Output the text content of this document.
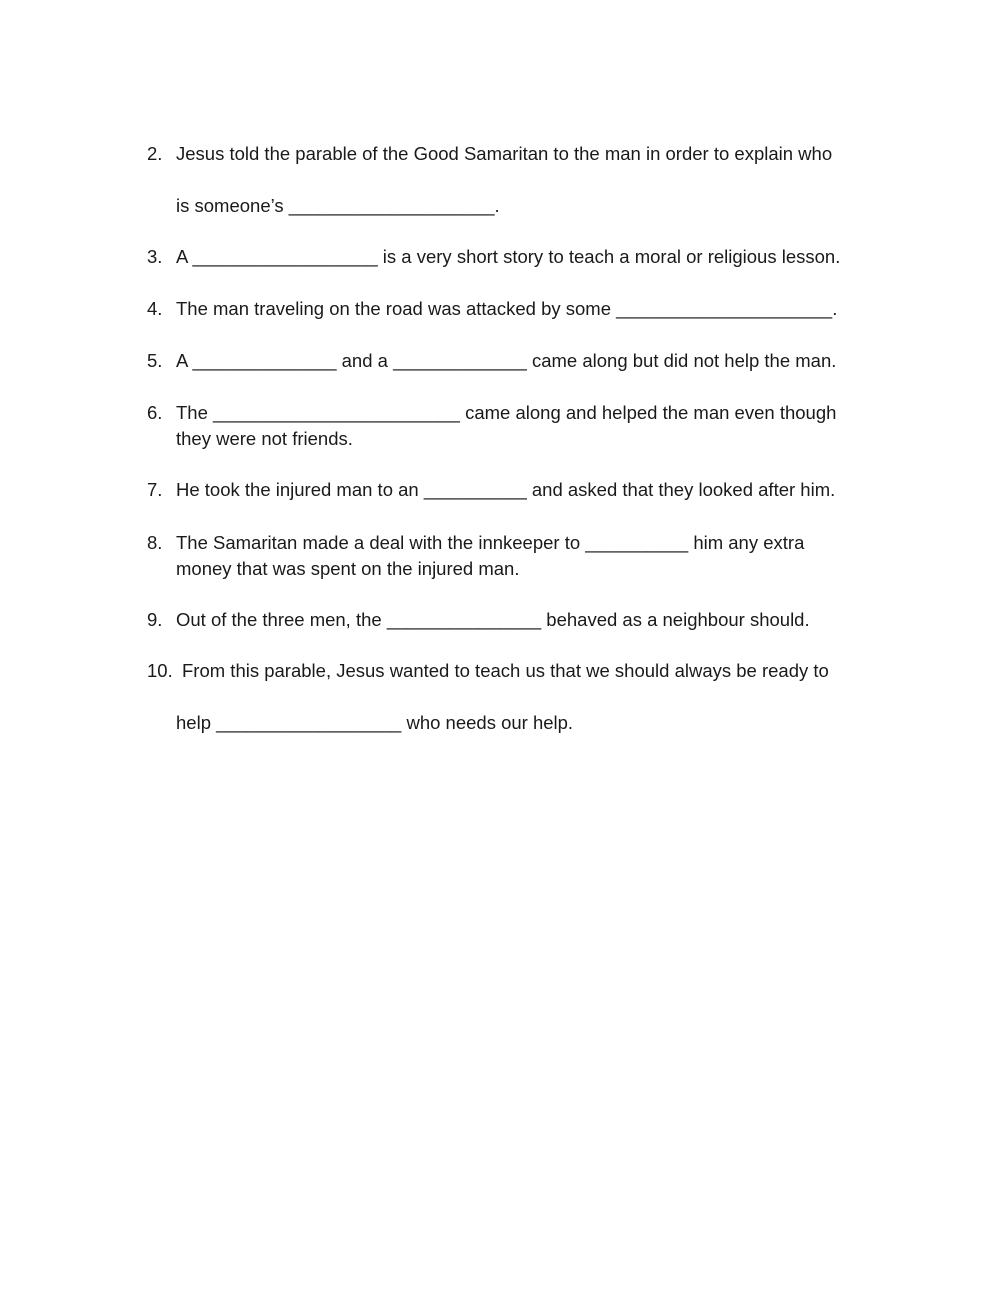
2. Jesus told the parable of the Good Samaritan to the man in order to explain who
is someone’s ____________________.
3. A __________________ is a very short story to teach a moral or religious lesson.
4. The man traveling on the road was attacked by some _____________________.
5. A ______________ and a _____________ came along but did not help the man.
6. The ________________________ came along and helped the man even though
they were not friends.
7. He took the injured man to an __________ and asked that they looked after him.
8. The Samaritan made a deal with the innkeeper to __________ him any extra
money that was spent on the injured man.
9. Out of the three men, the _______________ behaved as a neighbour should.
10. From this parable, Jesus wanted to teach us that we should always be ready to
help __________________ who needs our help.
